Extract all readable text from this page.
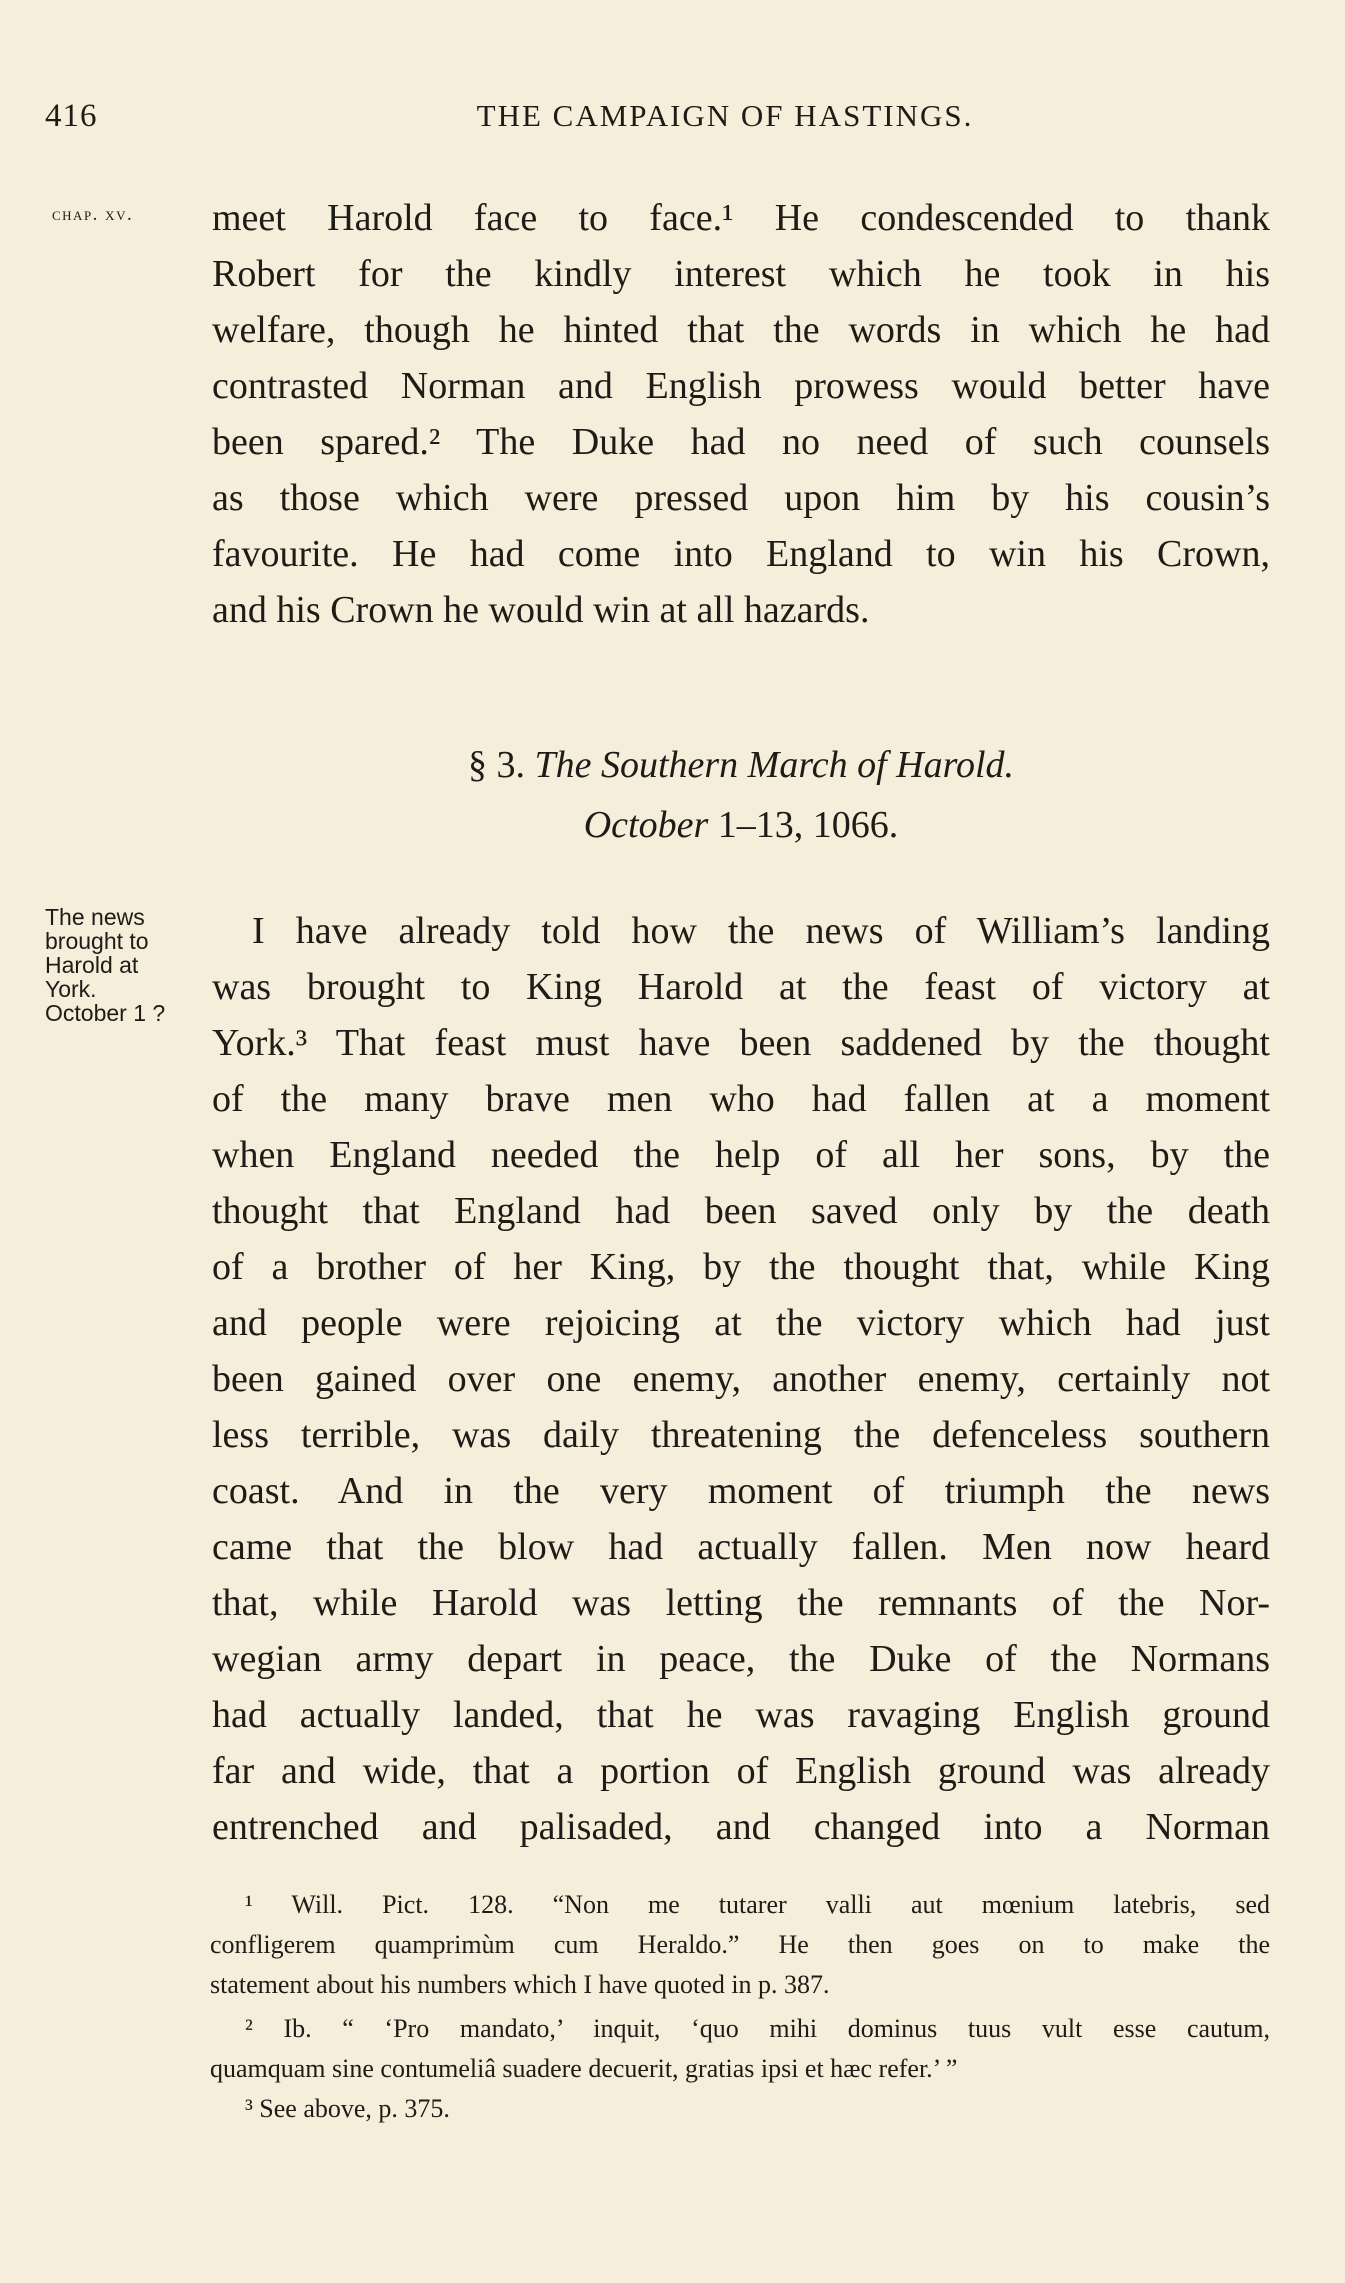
416	THE CAMPAIGN OF HASTINGS.
chap. xv. meet Harold face to face.¹ He condescended to thank
Robert for the kindly interest which he took in his
welfare, though he hinted that the words in which he had
contrasted Norman and English prowess would better have
been spared.² The Duke had no need of such counsels
as those which were pressed upon him by his cousin’s
favourite. He had come into England to win his Crown,
and his Crown he would win at all hazards.
§ 3. The Southern March of Harold.
October 1–13, 1066.
The news
brought to
Harold at
York.
October 1 ?
I have already told how the news of William’s landing
was brought to King Harold at the feast of victory at
York.³ That feast must have been saddened by the thought
of the many brave men who had fallen at a moment
when England needed the help of all her sons, by the
thought that England had been saved only by the death
of a brother of her King, by the thought that, while King
and people were rejoicing at the victory which had just
been gained over one enemy, another enemy, certainly not
less terrible, was daily threatening the defenceless southern
coast. And in the very moment of triumph the news
came that the blow had actually fallen. Men now heard
that, while Harold was letting the remnants of the Nor-
wegian army depart in peace, the Duke of the Normans
had actually landed, that he was ravaging English ground
far and wide, that a portion of English ground was already
entrenched and palisaded, and changed into a Norman
¹ Will. Pict. 128. “Non me tutarer valli aut mœnium latebris, sed
confligerem quamprimùm cum Heraldo.” He then goes on to make the
statement about his numbers which I have quoted in p. 387.
² Ib. “ ‘Pro mandato,’ inquit, ‘quo mihi dominus tuus vult esse cautum,
quamquam sine contumeliâ suadere decuerit, gratias ipsi et hæc refer.’ ”
³ See above, p. 375.
